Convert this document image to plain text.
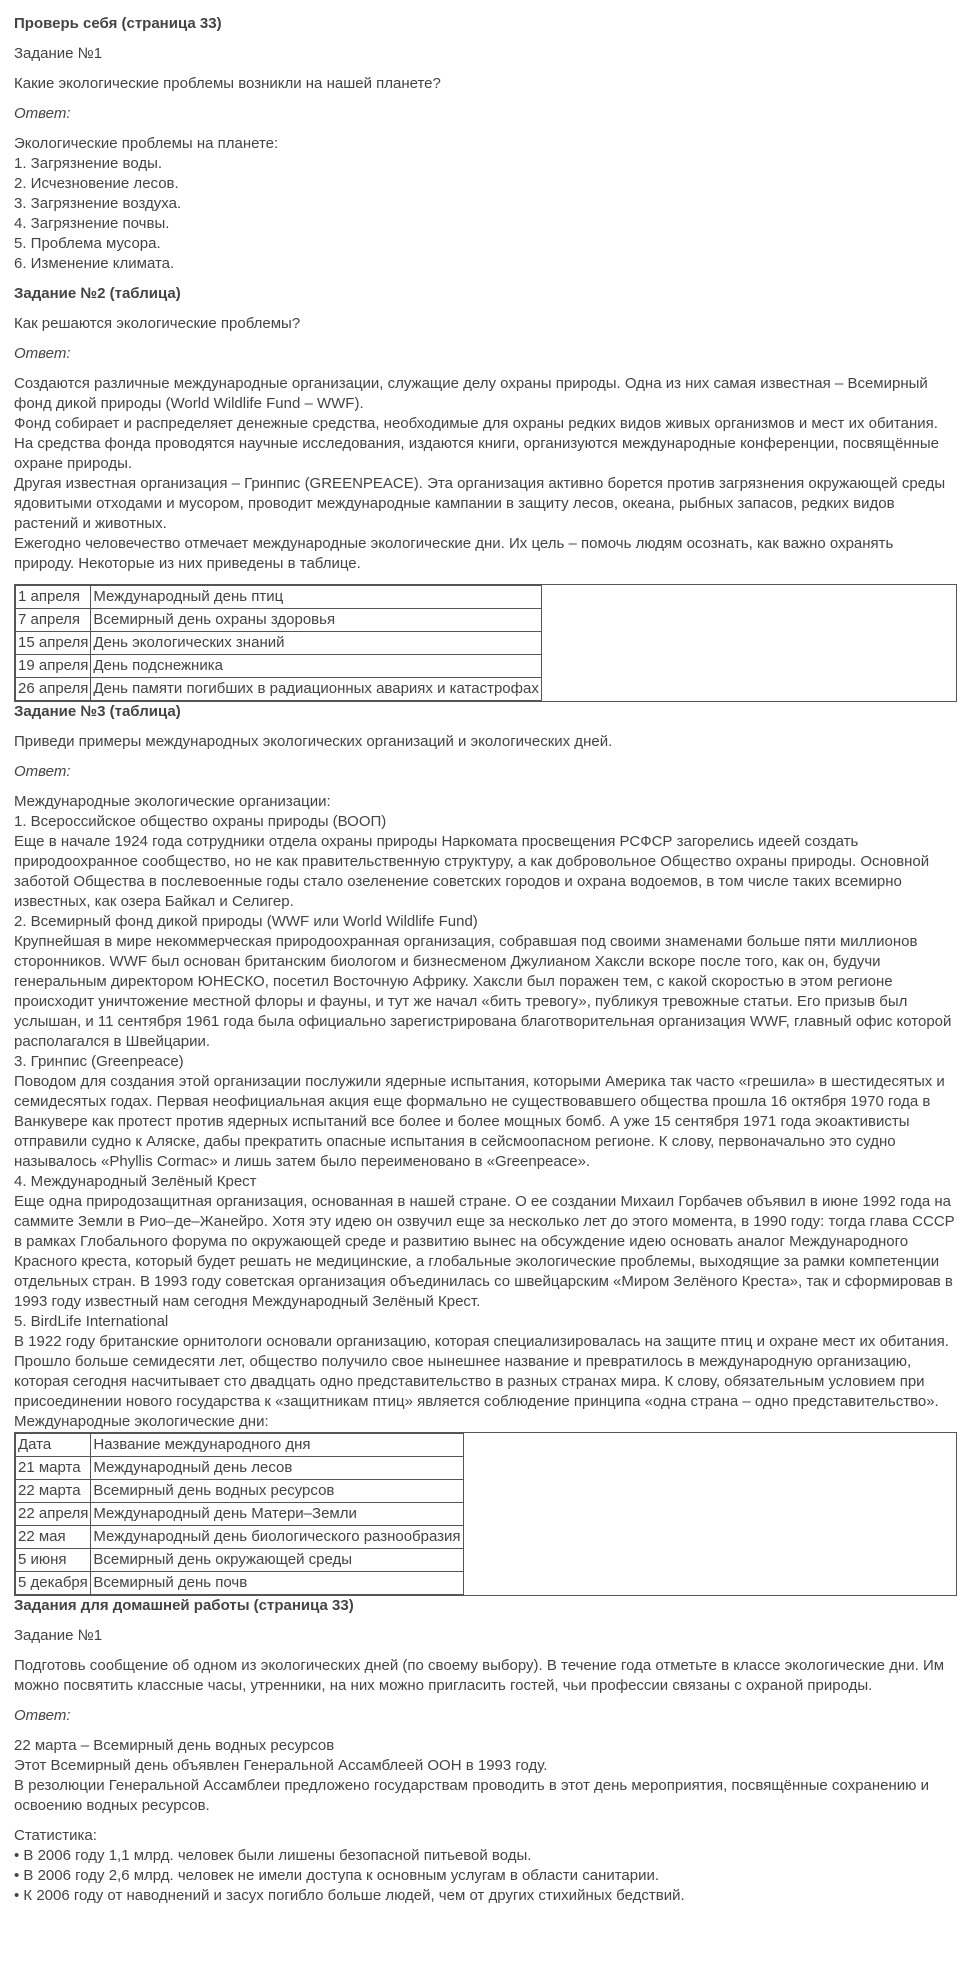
Проверь себя (страница 33)
Задание №1
Какие экологические проблемы возникли на нашей планете?
Ответ:
Экологические проблемы на планете:
1. Загрязнение воды.
2. Исчезновение лесов.
3. Загрязнение воздуха.
4. Загрязнение почвы.
5. Проблема мусора.
6. Изменение климата.
Задание №2 (таблица)
Как решаются экологические проблемы?
Ответ:
Создаются различные международные организации, служащие делу охраны природы. Одна из них самая известная – Всемирный фонд дикой природы (World Wildlife Fund – WWF).
Фонд собирает и распределяет денежные средства, необходимые для охраны редких видов живых организмов и мест их обитания. На средства фонда проводятся научные исследования, издаются книги, организуются международные конференции, посвящённые охране природы.
Другая известная организация – Гринпис (GREENPEACE). Эта организация активно борется против загрязнения окружающей среды ядовитыми отходами и мусором, проводит международные кампании в защиту лесов, океана, рыбных запасов, редких видов растений и животных.
Ежегодно человечество отмечает международные экологические дни. Их цель – помочь людям осознать, как важно охранять природу. Некоторые из них приведены в таблице.
1 апреля	Международный день птиц
7 апреля	Всемирный день охраны здоровья
15 апреля	День экологических знаний
19 апреля	День подснежника
26 апреля	День памяти погибших в радиационных авариях и катастрофах
Задание №3 (таблица)
Приведи примеры международных экологических организаций и экологических дней.
Ответ:
Международные экологические организации:
1. Всероссийское общество охраны природы (ВООП)
Еще в начале 1924 года сотрудники отдела охраны природы Наркомата просвещения РСФСР загорелись идеей создать природоохранное сообщество, но не как правительственную структуру, а как добровольное Общество охраны природы. Основной заботой Общества в послевоенные годы стало озеленение советских городов и охрана водоемов, в том числе таких всемирно известных, как озера Байкал и Селигер.
2. Всемирный фонд дикой природы (WWF или World Wildlife Fund)
Крупнейшая в мире некоммерческая природоохранная организация, собравшая под своими знаменами больше пяти миллионов сторонников. WWF был основан британским биологом и бизнесменом Джулианом Хаксли вскоре после того, как он, будучи генеральным директором ЮНЕСКО, посетил Восточную Африку. Хаксли был поражен тем, с какой скоростью в этом регионе происходит уничтожение местной флоры и фауны, и тут же начал «бить тревогу», публикуя тревожные статьи. Его призыв был услышан, и 11 сентября 1961 года была официально зарегистрирована благотворительная организация WWF, главный офис которой располагался в Швейцарии.
3. Гринпис (Greenpeace)
Поводом для создания этой организации послужили ядерные испытания, которыми Америка так часто «грешила» в шестидесятых и семидесятых годах. Первая неофициальная акция еще формально не существовавшего общества прошла 16 октября 1970 года в Ванкувере как протест против ядерных испытаний все более и более мощных бомб. А уже 15 сентября 1971 года экоактивисты отправили судно к Аляске, дабы прекратить опасные испытания в сейсмоопасном регионе. К слову, первоначально это судно называлось «Phyllis Cormac» и лишь затем было переименовано в «Greenpeace».
4. Международный Зелёный Крест
Еще одна природозащитная организация, основанная в нашей стране. О ее создании Михаил Горбачев объявил в июне 1992 года на саммите Земли в Рио–де–Жанейро. Хотя эту идею он озвучил еще за несколько лет до этого момента, в 1990 году: тогда глава СССР в рамках Глобального форума по окружающей среде и развитию вынес на обсуждение идею основать аналог Международного Красного креста, который будет решать не медицинские, а глобальные экологические проблемы, выходящие за рамки компетенции отдельных стран. В 1993 году советская организация объединилась со швейцарским «Миром Зелёного Креста», так и сформировав в 1993 году известный нам сегодня Международный Зелёный Крест.
5. BirdLife International
В 1922 году британские орнитологи основали организацию, которая специализировалась на защите птиц и охране мест их обитания. Прошло больше семидесяти лет, общество получило свое нынешнее название и превратилось в международную организацию, которая сегодня насчитывает сто двадцать одно представительство в разных странах мира. К слову, обязательным условием при присоединении нового государства к «защитникам птиц» является соблюдение принципа «одна страна – одно представительство».
Международные экологические дни:
Дата	Название международного дня
21 марта	Международный день лесов
22 марта	Всемирный день водных ресурсов
22 апреля	Международный день Матери–Земли
22 мая	Международный день биологического разнообразия
5 июня	Всемирный день окружающей среды
5 декабря	Всемирный день почв
Задания для домашней работы (страница 33)
Задание №1
Подготовь сообщение об одном из экологических дней (по своему выбору). В течение года отметьте в классе экологические дни. Им можно посвятить классные часы, утренники, на них можно пригласить гостей, чьи профессии связаны с охраной природы.
Ответ:
22 марта – Всемирный день водных ресурсов
Этот Всемирный день объявлен Генеральной Ассамблеей ООН в 1993 году.
В резолюции Генеральной Ассамблеи предложено государствам проводить в этот день мероприятия, посвящённые сохранению и освоению водных ресурсов.
Статистика:
• В 2006 году 1,1 млрд. человек были лишены безопасной питьевой воды.
• В 2006 году 2,6 млрд. человек не имели доступа к основным услугам в области санитарии.
• К 2006 году от наводнений и засух погибло больше людей, чем от других стихийных бедствий.
